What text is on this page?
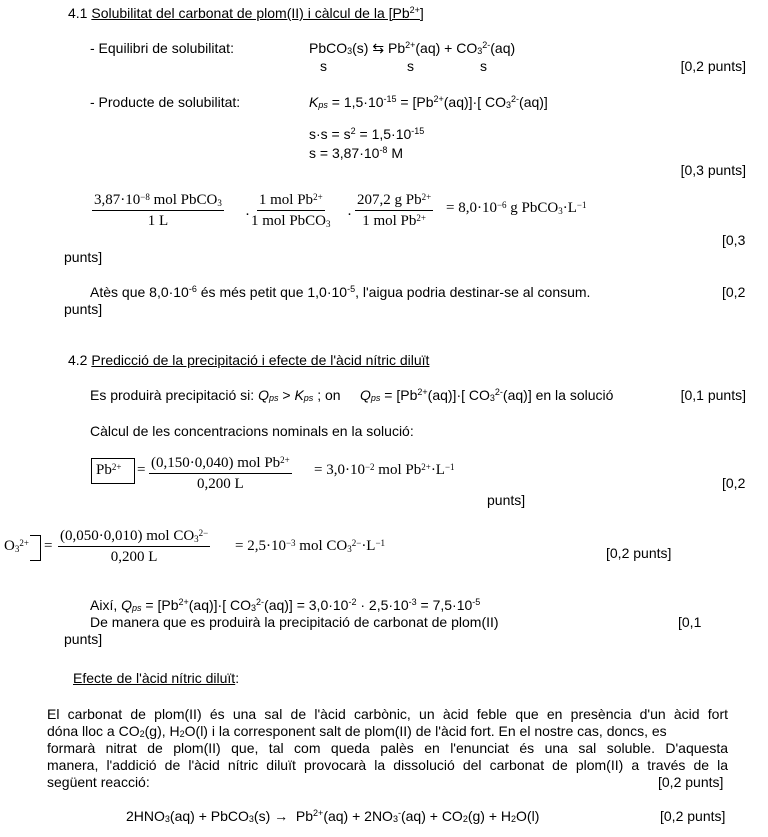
4.1 Solubilitat del carbonat de plom(II) i càlcul de la $[Pb^{2+}]$
- Equilibri de solubilitat:	PbCO$_3$(s) ⇆ $Pb^{2+}(aq) + CO_3^{2-}(aq)$
s	s	s	[0,2 punts]
- Producte de solubilitat:	$K_{ps} = 1,5\cdot 10^{-15} = [Pb^{2+}(aq)]\cdot$[ $CO_3^{2-}(aq)$]
$s\cdot s = s^2 = 1,5\cdot 10^{-15}$
$s = 3,87\cdot 10^{-8}$ M
[0,3 punts]
$3,87\cdot 10^{-8}$ mol PbCO$_3$
1 L	·
1 mol $Pb^{2+}$
1 mol PbCO$_3$
·
207,2 g $Pb^{2+}$
1 mol $Pb^{2+}$
= $8,0\cdot 10^{-6}$ g $PbCO_3\cdot L^{-1}$
[0,3
punts]
Atès que $8,0\cdot 10^{-6}$ és més petit que $1,0\cdot 10^{-5}$, l'aigua podria destinar-se al consum.	[0,2
punts]
4.2 Predicció de la precipitació i efecte de l'àcid nítric diluït
Es produirà precipitació si: $Q_{ps} > K_{ps}$ ; on     $Q_{ps} = [Pb^{2+}(aq)]\cdot$[ $CO_3^{2-}(aq)$] en la solució	[0,1 punts]
Càlcul de les concentracions nominals en la solució:
$Pb^{2+} = (0,150\cdot 0,040)$ mol $Pb^{2+}$
0,200 L
= $3,0\cdot 10^{-2}$ mol $Pb^{2+}\cdot L^{-1}$
[0,2
punts]
$O_3^{2+}$ =
(0,050·0,010) mol $CO_3^{2-}$
0,200 L
= $2,5\cdot 10^{-3}$ mol $CO_3^{2-}\cdot L^{-1}$
[0,2 punts]
Així, $Q_{ps} = [Pb^{2+}(aq)]\cdot$[ $CO_3^{2-}(aq)] = 3,0\cdot 10^{-2} \cdot 2,5\cdot 10^{-3} = 7,5\cdot 10^{-5}$
De manera que es produirà la precipitació de carbonat de plom(II)	[0,1
punts]
Efecte de l'àcid nítric diluït:
El carbonat de plom(II) és una sal de l'àcid carbònic, un àcid feble que en presència d'un àcid fort
dóna lloc a $CO_2(g)$, $H_2O(l)$ i la corresponent salt de plom(II) de l'àcid fort. En el nostre cas, doncs, es
formarà nitrat de plom(II) que, tal com queda palès en l'enunciat és una sal soluble. D'aquesta
manera, l'addició de l'àcid nítric diluït provocarà la dissolució del carbonat de plom(II) a través de la
següent reacció:	[0,2 punts]
$2HNO_3(aq)$ + PbCO$_3$(s) →  $Pb^{2+}(aq) + 2NO_3^-(aq) + CO_2(g) + H_2O(l)$	[0,2 punts]
